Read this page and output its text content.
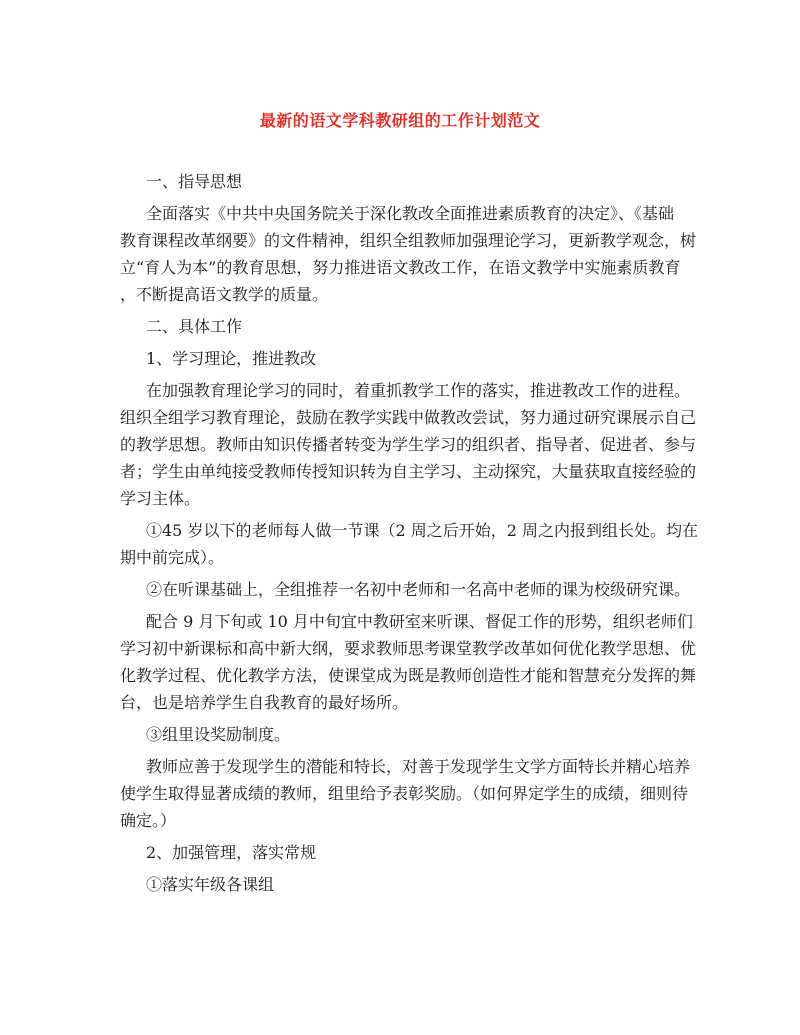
最新的语文学科教研组的工作计划范文
一、指导思想
全面落实《中共中央国务院关于深化教改全面推进素质教育的决定》、《基础
教育课程改革纲要》的文件精神，组织全组教师加强理论学习，更新教学观念，树
立“育人为本”的教育思想，努力推进语文教改工作，在语文教学中实施素质教育
，不断提高语文教学的质量。
二、具体工作
1、学习理论，推进教改
在加强教育理论学习的同时，着重抓教学工作的落实，推进教改工作的进程。
组织全组学习教育理论，鼓励在教学实践中做教改尝试，努力通过研究课展示自己
的教学思想。教师由知识传播者转变为学生学习的组织者、指导者、促进者、参与
者；学生由单纯接受教师传授知识转为自主学习、主动探究，大量获取直接经验的
学习主体。
①45 岁以下的老师每人做一节课（2 周之后开始，2 周之内报到组长处。均在
期中前完成）。
②在听课基础上，全组推荐一名初中老师和一名高中老师的课为校级研究课。
配合 9 月下旬或 10 月中旬宜中教研室来听课、督促工作的形势，组织老师们
学习初中新课标和高中新大纲，要求教师思考课堂教学改革如何优化教学思想、优
化教学过程、优化教学方法，使课堂成为既是教师创造性才能和智慧充分发挥的舞
台，也是培养学生自我教育的最好场所。
③组里设奖励制度。
教师应善于发现学生的潜能和特长，对善于发现学生文学方面特长并精心培养
使学生取得显著成绩的教师，组里给予表彰奖励。（如何界定学生的成绩，细则待
确定。）
2、加强管理，落实常规
①落实年级各课组
